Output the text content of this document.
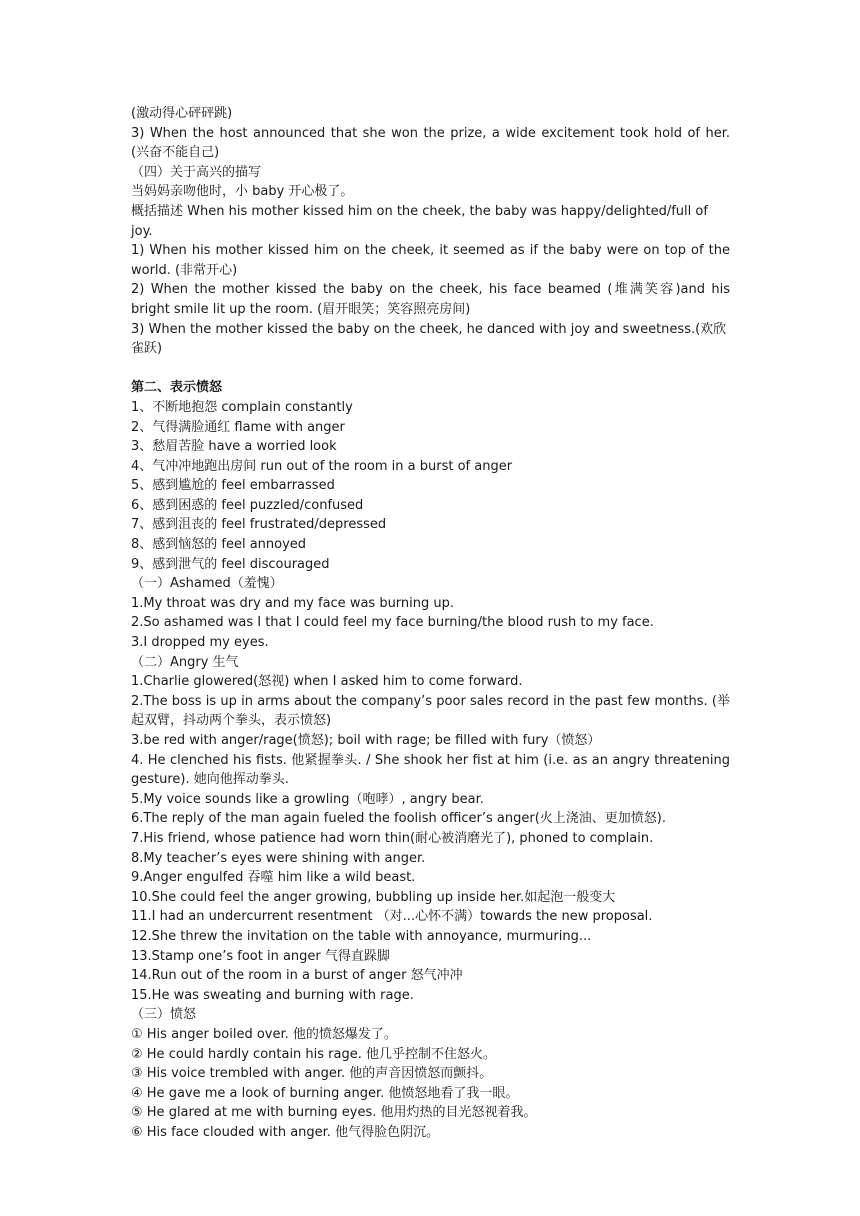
(激动得心砰砰跳)

3) When the host announced that she won the prize, a wide excitement took hold of her. (兴奋不能自己)

（四）关于高兴的描写

当妈妈亲吻他时，小 baby 开心极了。

概括描述 When his mother kissed him on the cheek, the baby was happy/delighted/full of joy.

1) When his mother kissed him on the cheek, it seemed as if the baby were on top of the world. (非常开心)

2) When the mother kissed the baby on the cheek, his face beamed (堆满笑容)and his bright smile lit up the room. (眉开眼笑；笑容照亮房间)

3) When the mother kissed the baby on the cheek, he danced with joy and sweetness.(欢欣雀跃)

第二、表示愤怒

1、不断地抱怨 complain constantly

2、气得满脸通红 flame with anger

3、愁眉苦脸 have a worried look

4、气冲冲地跑出房间 run out of the room in a burst of anger

5、感到尴尬的 feel embarrassed

6、感到困惑的 feel puzzled/confused

7、感到沮丧的 feel frustrated/depressed

8、感到恼怒的 feel annoyed

9、感到泄气的 feel discouraged

（一）Ashamed（羞愧）

1.My throat was dry and my face was burning up.

2.So ashamed was I that I could feel my face burning/the blood rush to my face.

3.I dropped my eyes.

（二）Angry 生气

1.Charlie glowered(怒视) when I asked him to come forward.

2.The boss is up in arms about the company’s poor sales record in the past few months. (举起双臂，抖动两个拳头，表示愤怒)

3.be red with anger/rage(愤怒); boil with rage; be filled with fury（愤怒）

4. He clenched his fists. 他紧握拳头. / She shook her fist at him (i.e. as an angry threatening gesture). 她向他挥动拳头.

5.My voice sounds like a growling（咆哮）, angry bear.

6.The reply of the man again fueled the foolish officer’s anger(火上浇油、更加愤怒).

7.His friend, whose patience had worn thin(耐心被消磨光了), phoned to complain.

8.My teacher’s eyes were shining with anger.

9.Anger engulfed 吞噬 him like a wild beast.

10.She could feel the anger growing, bubbling up inside her.如起泡一般变大

11.I had an undercurrent resentment （对...心怀不满）towards the new proposal.

12.She threw the invitation on the table with annoyance, murmuring...

13.Stamp one’s foot in anger 气得直跺脚

14.Run out of the room in a burst of anger 怒气冲冲

15.He was sweating and burning with rage.

（三）愤怒

① His anger boiled over. 他的愤怒爆发了。

② He could hardly contain his rage. 他几乎控制不住怒火。

③ His voice trembled with anger. 他的声音因愤怒而颤抖。

④ He gave me a look of burning anger. 他愤怒地看了我一眼。

⑤ He glared at me with burning eyes. 他用灼热的目光怒视着我。

⑥ His face clouded with anger. 他气得脸色阴沉。
